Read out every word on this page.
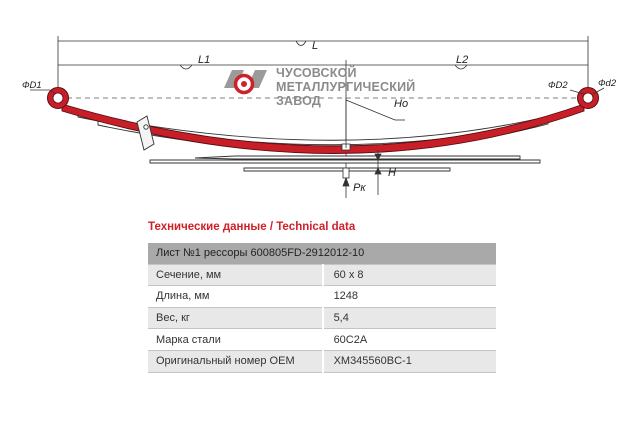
L
L1	L2
ФD1	ФD2	Фd2
Ho
H
Pк
ЧУСОВСКОЙ
МЕТАЛЛУРГИЧЕСКИЙ
ЗАВОД
Технические данные / Technical data
Лист №1 рессоры 600805FD-2912012-10	
Сечение, мм	60 х 8
Длина, мм	1248
Вес, кг	5,4
Марка стали	60С2А
Оригинальный номер ОЕМ	XM345560BC-1
